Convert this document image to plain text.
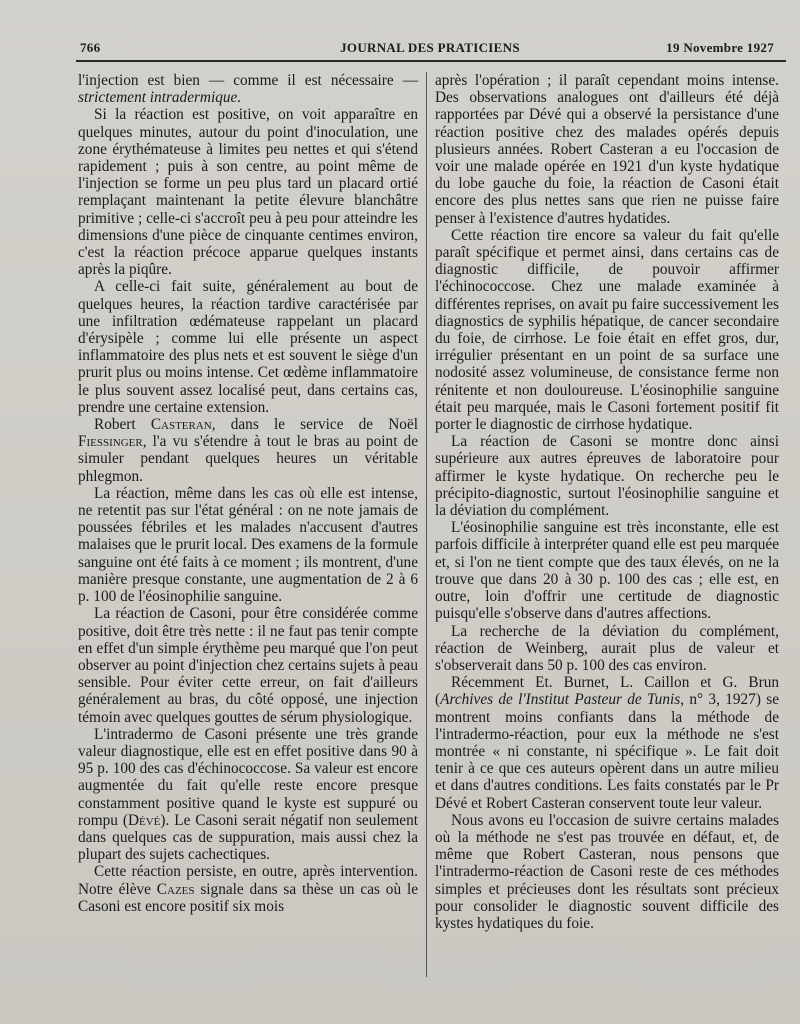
766	JOURNAL DES PRATICIENS	19 Novembre 1927

l'injection est bien — comme il est nécessaire — strictement intradermique.

Si la réaction est positive, on voit apparaître en quelques minutes, autour du point d'inoculation, une zone érythémateuse à limites peu nettes et qui s'étend rapidement ; puis à son centre, au point même de l'injection se forme un peu plus tard un placard ortié remplaçant maintenant la petite élevure blanchâtre primitive ; celle-ci s'accroît peu à peu pour atteindre les dimensions d'une pièce de cinquante centimes environ, c'est la réaction précoce apparue quelques instants après la piqûre.

A celle-ci fait suite, généralement au bout de quelques heures, la réaction tardive caractérisée par une infiltration œdémateuse rappelant un placard d'érysipèle ; comme lui elle présente un aspect inflammatoire des plus nets et est souvent le siège d'un prurit plus ou moins intense. Cet œdème inflammatoire le plus souvent assez localisé peut, dans certains cas, prendre une certaine extension.

Robert Casteran, dans le service de Noël Fiessinger, l'a vu s'étendre à tout le bras au point de simuler pendant quelques heures un véritable phlegmon.

La réaction, même dans les cas où elle est intense, ne retentit pas sur l'état général : on ne note jamais de poussées fébriles et les malades n'accusent d'autres malaises que le prurit local. Des examens de la formule sanguine ont été faits à ce moment ; ils montrent, d'une manière presque constante, une augmentation de 2 à 6 p. 100 de l'éosinophilie sanguine.

La réaction de Casoni, pour être considérée comme positive, doit être très nette : il ne faut pas tenir compte en effet d'un simple érythème peu marqué que l'on peut observer au point d'injection chez certains sujets à peau sensible. Pour éviter cette erreur, on fait d'ailleurs généralement au bras, du côté opposé, une injection témoin avec quelques gouttes de sérum physiologique.

L'intradermo de Casoni présente une très grande valeur diagnostique, elle est en effet positive dans 90 à 95 p. 100 des cas d'échinococcose. Sa valeur est encore augmentée du fait qu'elle reste encore presque constamment positive quand le kyste est suppuré ou rompu (Dévé). Le Casoni serait négatif non seulement dans quelques cas de suppuration, mais aussi chez la plupart des sujets cachectiques.

Cette réaction persiste, en outre, après intervention. Notre élève Cazes signale dans sa thèse un cas où le Casoni est encore positif six mois

après l'opération ; il paraît cependant moins intense. Des observations analogues ont d'ailleurs été déjà rapportées par Dévé qui a observé la persistance d'une réaction positive chez des malades opérés depuis plusieurs années. Robert Casteran a eu l'occasion de voir une malade opérée en 1921 d'un kyste hydatique du lobe gauche du foie, la réaction de Casoni était encore des plus nettes sans que rien ne puisse faire penser à l'existence d'autres hydatides.

Cette réaction tire encore sa valeur du fait qu'elle paraît spécifique et permet ainsi, dans certains cas de diagnostic difficile, de pouvoir affirmer l'échinococcose. Chez une malade examinée à différentes reprises, on avait pu faire successivement les diagnostics de syphilis hépatique, de cancer secondaire du foie, de cirrhose. Le foie était en effet gros, dur, irrégulier présentant en un point de sa surface une nodosité assez volumineuse, de consistance ferme non rénitente et non douloureuse. L'éosinophilie sanguine était peu marquée, mais le Casoni fortement positif fit porter le diagnostic de cirrhose hydatique.

La réaction de Casoni se montre donc ainsi supérieure aux autres épreuves de laboratoire pour affirmer le kyste hydatique. On recherche peu le précipito-diagnostic, surtout l'éosinophilie sanguine et la déviation du complément.

L'éosinophilie sanguine est très inconstante, elle est parfois difficile à interpréter quand elle est peu marquée et, si l'on ne tient compte que des taux élevés, on ne la trouve que dans 20 à 30 p. 100 des cas ; elle est, en outre, loin d'offrir une certitude de diagnostic puisqu'elle s'observe dans d'autres affections.

La recherche de la déviation du complément, réaction de Weinberg, aurait plus de valeur et s'observerait dans 50 p. 100 des cas environ.

Récemment Et. Burnet, L. Caillon et G. Brun (Archives de l'Institut Pasteur de Tunis, n° 3, 1927) se montrent moins confiants dans la méthode de l'intradermo-réaction, pour eux la méthode ne s'est montrée « ni constante, ni spécifique ». Le fait doit tenir à ce que ces auteurs opèrent dans un autre milieu et dans d'autres conditions. Les faits constatés par le Pr Dévé et Robert Casteran conservent toute leur valeur.

Nous avons eu l'occasion de suivre certains malades où la méthode ne s'est pas trouvée en défaut, et, de même que Robert Casteran, nous pensons que l'intradermo-réaction de Casoni reste de ces méthodes simples et précieuses dont les résultats sont précieux pour consolider le diagnostic souvent difficile des kystes hydatiques du foie.
